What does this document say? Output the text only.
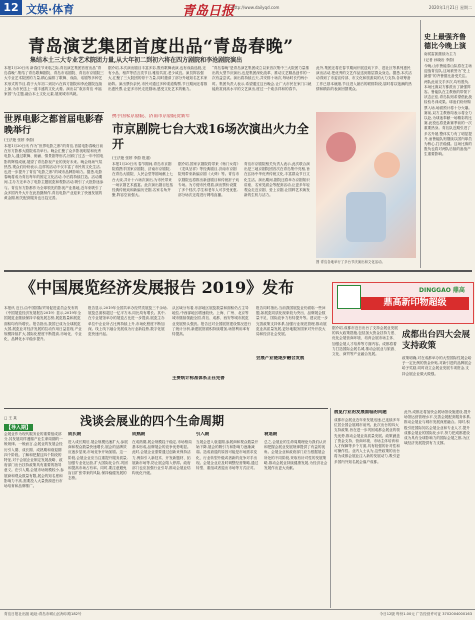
12 文娱·体育	青岛日报
http://www.dailyqd.com	2020年1月21日 星期二
青岛演艺集团首度出品“青岛春晚”
集结本土三大专业艺术院团力量,从大年初二到初六将在四方剧院和李沧剧院演出
本报1月20日讯 新春佳节来临之际,青岛演艺集团首度出品“青岛春晚”,集结了青岛歌舞剧院、青岛市话剧院、青岛市京剧院三大专业艺术院团的力量,精心编排了歌舞、戏曲、话剧等多种艺术形式的节目,将于大年初二到初六在四方剧院和李沧剧院连续上演,为市民送上一道丰盛的文化大餐。演出以“欢乐青岛 幸福家园”为主题,融合本土文化元素,展现城市风貌。
据介绍,本次演出剧目丰富多彩,既有歌舞表演,也有戏曲选段,还有小品、相声等语言类节目,雅俗共赏,老少咸宜。演员阵容强大,汇聚了三大院团的骨干力量,同时邀请了部分外地知名艺术家助阵。演出票价亲民,市民可通过多种渠道购票,节日期间还将推出惠民票,让更多市民走进剧场,感受文化艺术的魅力。
“青岛春晚”是青岛演艺集团成立以来首次集中三大院团力量推出的大型节庆演出,也是集团深化改革、推动文艺精品创作的一次有益尝试。演出将持续五天,共安排十场次,每场时长约两小时。集团负责人表示,希望通过这台晚会,让广大市民在家门口就能欣赏到高水平的文艺演出,度过一个欢乐祥和的春节。
此外,集团还将在春节期间开展送戏下乡、进社区等系列惠民演出活动,把优秀的文艺作品送到基层群众身边。据悉,本次活动得到了市委宣传部、市文化和旅游局的大力支持,各项筹备工作已基本就绪,节目进入最后的联排阶段,届时将以饱满的热情和精彩的表演回馈观众。
世界电影之都首届电影春晚举行
(王法艳 张婷 李蔚)
本报1月20日讯 作为“世界电影之都”的青岛,首届电影春晚日前在东方影都大剧院成功举行。晚会汇聚了众多影视明星和优秀电影人,通过歌舞、朗诵、情景剧等形式,回顾了过去一年中国电影的辉煌成就,展望了青岛影视产业的美好未来。晚会现场气氛热烈,观众们纷纷表示,这样的活动不仅丰富了市民的文化生活,也进一步提升了青岛“电影之都”的城市品牌影响力。据悉,电影春晚将成为青岛每年的固定文化活动,今后将持续打造。活动期间,主办方还举办了电影主题展览和观影活动,吸引了大批影迷参与。青岛东方影都作为全球领先的影视产业基地,近年来吸引了众多国内外大片在此拍摄制作,青岛电影产业迎来了快速发展的黄金期,相关配套服务也日趋完善。
携手国家京剧院、济南市京剧院贺新年
市京剧院七台大戏16场次演出火力全开
(王法艳 张婷 李蔚 报道)
本报1月20日讯 春节期间,青岛市京剧院将携手国家京剧院、济南市京剧院,在青岛大剧院、人民会堂等剧场献上七台大戏,共计十六场次演出,为市民带来一场京剧艺术盛宴。此次演出剧目包括经典传统戏和新编历史剧,名家名角齐聚,阵容空前强大。
据介绍,国家京剧院将带来《杨门女将》《龙凤呈祥》等经典剧目,济南市京剧院则带来新编京剧《大舜》等。青岛市京剧院也将推出新创剧目和传统折子戏专场。为方便市民观看,演出票价设置了多个档次,学生和老年人可享受优惠,部分场次还将进行网络直播。
青岛市京剧院相关负责人表示,此次联合演出是三地京剧院团首次在青岛集中亮相,旨在弘扬中华优秀传统文化,丰富群众节日文化生活。演出期间,剧院还将举办京剧知识讲座、名家见面会等配套活动,让更多年轻观众走近京剧、爱上京剧,让国粹艺术焕发新的生机与活力。
图 青岛各地举行了多台节庆演出和文化活动。
史上最强齐鲁德比今晚上演
南侯雷凯继续为主力
(记者 孙晓岩 李蔚)
今晚,山东鲁能泰山队将在主场迎战青岛队,这场被誉为“史上最强”的齐鲁德比备受关注。两队此前交手多次,均有胜负,本场比赛双方都派出了最强阵容。鲁能队在主教练的带领下状态正佳,青岛队则希望借此战检验冬训成果。球迷们纷纷购票入场,场面预计将十分火爆。赛前,双方主教练均表示将全力以赴,为球迷奉献一场精彩的比赛,此役也将是新赛季前的一次重要热身。青岛队近期引进了多名外援,整体实力有了明显提升,而鲁能队则继续以国内球员为核心,打法稳健。这场比赛的胜负也将对两队后续的备战产生重要影响。
《中国展览经济发展报告 2019》发布
本报讯 近日,由中国国际贸易促进委员会发布的《中国展览经济发展报告2019》显示,2019年全国展览业继续保持平稳发展态势,展览数量和展览面积均有所增长。报告指出,我国已成为全球展览大国,展览业对经济发展的拉动作用日益显现,产业规模持续扩大,国际化程度不断提高,市场化、专业化、品牌化水平稳步提升。
报告显示,2019年全国共举办经贸类展览三千余场,展览总面积超过一亿平方米,同比均有增长。其中,在专业展馆举办的展览占比进一步提高,展览主办单位中企业所占比例持续上升,市场化程度不断加深。线上线下融合发展成为行业新趋势,数字化展览快速兴起。
从区域分布看,东部地区展览数量和面积仍占主导地位,中西部地区增速较快。上海、广州、北京等城市继续领跑全国,青岛、成都、西安等城市展览业发展势头强劲。报告还对全国展馆建设情况进行了统计分析,新建展馆面积持续增加,场馆利用率有待提高。
报告同时指出,当前我国展览业仍面临一些问题,如展览同质化现象较为突出、品牌展会数量不足、国际竞争力有待提升等。建议进一步完善政策支持体系,加强行业规范管理,推动展览业高质量发展,更好地服务国家对外开放大局和经济社会发展。
主要统计标准体系正在完善
会展产业链逐步融合发展
DINGGAO 鼎高
鼎高新印物超级
成都出台四大会展支持政策
据介绍,成都市近日出台了支持会展业发展的四大政策措施,包括加大资金扶持力度、优化会展营商环境、培育会展市场主体、加强会展人才培养等方面内容。成都将着力打造国际会展名城,推动会展业与旅游、文化、商贸等产业融合发展。
政策明确,对在成都举办的大型国际性展会给予一定比例的资金补贴,对新引进的品牌展会给予奖励,同时设立会展业发展专项资金,支持会展企业做大做强。
浅谈会展业的四个生命周期
□ 王 某
【导入期】
会展业作为现代服务业的重要组成部分,其发展同样遵循产业生命周期的一般规律。一般而言,会展业的发展会经历引入期、成长期、成熟期和衰退期四个阶段。了解和把握这四个阶段的特征,对于会展企业制定发展战略、政府部门出台扶持政策具有重要的指导意义。在引入期,会展市场规模较小,参展商和观众数量有限,展会的知名度和影响力不高,需要投入大量资源进行市场培育和品牌推广。
成长期
进入成长期后,展会规模迅速扩大,参展商和观众数量快速增长,展会的品牌效应逐步显现,市场竞争开始加剧。这一阶段,会展企业应当注重提升服务质量,加强专业化运营,扩大国际化合作,巩固和提高市场占有率。同时,要注意避免盲目扩张带来的风险,保持稳健发展的态势。
成熟期
在成熟期,展会规模趋于稳定,市场格局基本形成,品牌展会的竞争优势明显。此时,会展企业需要通过创新来保持活力,例如引入新技术、开发新题材、拓展新市场等,防止展会陷入停滞。政府部门也应加强行业引导,推动会展业结构优化升级。
引入期
当展会进入衰退期,参展商和观众数量开始下降,展会的吸引力和影响力逐渐减弱。造成衰退的原因可能是市场需求变化、行业转型升级或者新的竞争对手出现。会展企业应及时调整经营策略,通过转型、重组或者退出市场等方式应对。
衰退期
总之,会展业的生命周期理论为我们认识和把握会展业发展规律提供了有益的视角。会展企业和政府部门应当根据展会所处的不同阶段,采取有针对性的发展策略,推动会展业持续健康发展,为经济社会发展作出更大贡献。
展览行业的发展面临的问题
成都市会展业近年来发展迅速,已连续多年位居全国会展城市前列。此次出台的四大支持政策,旨在进一步巩固成都会展业的领先优势,推动会展业高质量发展。政策涵盖了资金支持、营商环境、市场主体培育和人才保障等多个方面,具有较强的针对性和可操作性。业内人士认为,这些政策的出台将为成都会展业注入新的发展动力,吸引更多国内外知名展会落户成都。
此外,成都还将加快会展场馆设施建设,提升场馆运营管理水平,完善会展配套服务体系,推动会展业与城市发展深度融合。同时,积极引进国际知名会展企业和专业人才,提升成都会展业的国际化水平,努力把成都建设成为具有全球影响力的国际会展之都,为区域经济发展提供有力支撑。
青岛日报社出版 地址:青岛市崂山区海尔路182号	今日12版 每份1.00元 广告经营许可证 3702004000163
